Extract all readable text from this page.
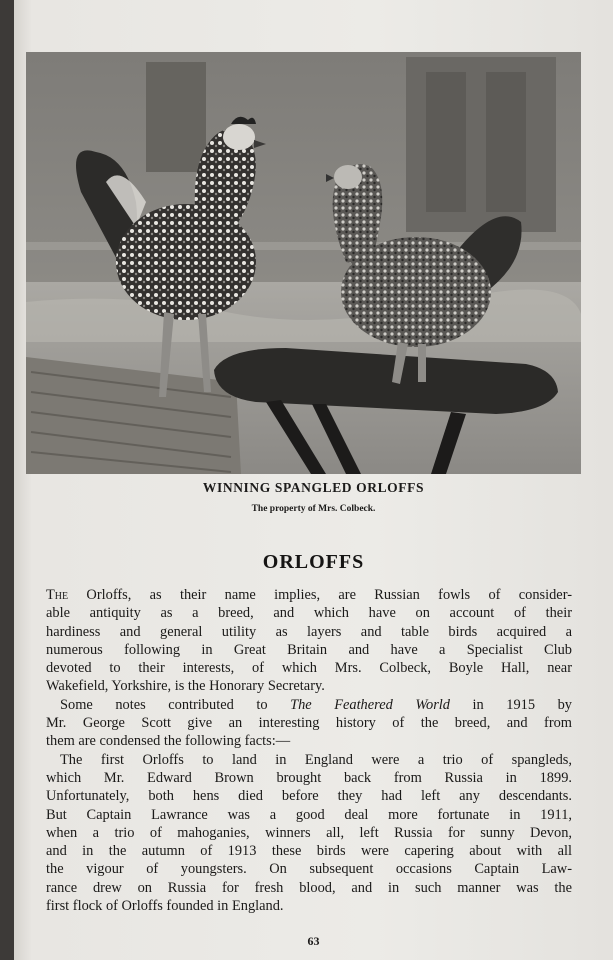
WINNING SPANGLED ORLOFFS
The property of Mrs. Colbeck.
ORLOFFS
The Orloffs, as their name implies, are Russian fowls of consider-
able antiquity as a breed, and which have on account of their
hardiness and general utility as layers and table birds acquired a
numerous following in Great Britain and have a Specialist Club
devoted to their interests, of which Mrs. Colbeck, Boyle Hall, near
Wakefield, Yorkshire, is the Honorary Secretary.
Some notes contributed to The Feathered World in 1915 by
Mr. George Scott give an interesting history of the breed, and from
them are condensed the following facts:—
The first Orloffs to land in England were a trio of spangleds,
which Mr. Edward Brown brought back from Russia in 1899.
Unfortunately, both hens died before they had left any descendants.
But Captain Lawrance was a good deal more fortunate in 1911,
when a trio of mahoganies, winners all, left Russia for sunny Devon,
and in the autumn of 1913 these birds were capering about with all
the vigour of youngsters. On subsequent occasions Captain Law-
rance drew on Russia for fresh blood, and in such manner was the
first flock of Orloffs founded in England.
63
